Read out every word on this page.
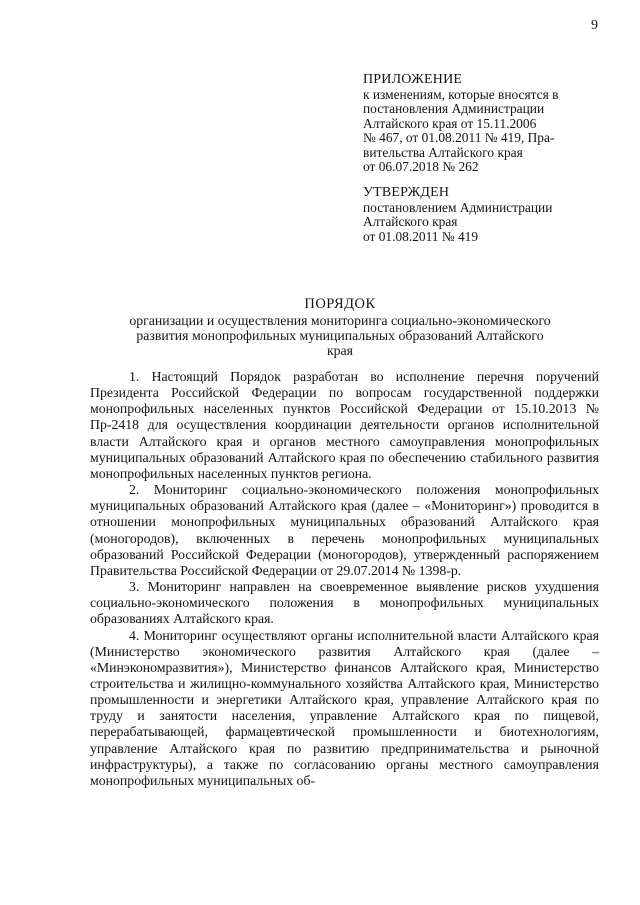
9
ПРИЛОЖЕНИЕ
к изменениям, которые вносятся в
постановления Администрации
Алтайского края от 15.11.2006
№ 467, от 01.08.2011 № 419, Пра-
вительства Алтайского края
от 06.07.2018 № 262
УТВЕРЖДЕН
постановлением Администрации
Алтайского края
от 01.08.2011 № 419
ПОРЯДОК
организации и осуществления мониторинга социально-экономического
развития монопрофильных муниципальных образований Алтайского
края

1. Настоящий Порядок разработан во исполнение перечня поручений Президента Российской Федерации по вопросам государственной поддержки монопрофильных населенных пунктов Российской Федерации от 15.10.2013 № Пр-2418 для осуществления координации деятельности органов исполнительной власти Алтайского края и органов местного самоуправления монопрофильных муниципальных образований Алтайского края по обеспечению стабильного развития монопрофильных населенных пунктов региона.

2. Мониторинг социально-экономического положения монопрофильных муниципальных образований Алтайского края (далее – «Мониторинг») проводится в отношении монопрофильных муниципальных образований Алтайского края (моногородов), включенных в перечень монопрофильных муниципальных образований Российской Федерации (моногородов), утвержденный распоряжением Правительства Российской Федерации от 29.07.2014 № 1398-р.

3. Мониторинг направлен на своевременное выявление рисков ухудшения социально-экономического положения в монопрофильных муниципальных образованиях Алтайского края.

4. Мониторинг осуществляют органы исполнительной власти Алтайского края (Министерство экономического развития Алтайского края (далее – «Минэкономразвития»), Министерство финансов Алтайского края, Министерство строительства и жилищно-коммунального хозяйства Алтайского края, Министерство промышленности и энергетики Алтайского края, управление Алтайского края по труду и занятости населения, управление Алтайского края по пищевой, перерабатывающей, фармацевтической промышленности и биотехнологиям, управление Алтайского края по развитию предпринимательства и рыночной инфраструктуры), а также по согласованию органы местного самоуправления монопрофильных муниципальных об-
